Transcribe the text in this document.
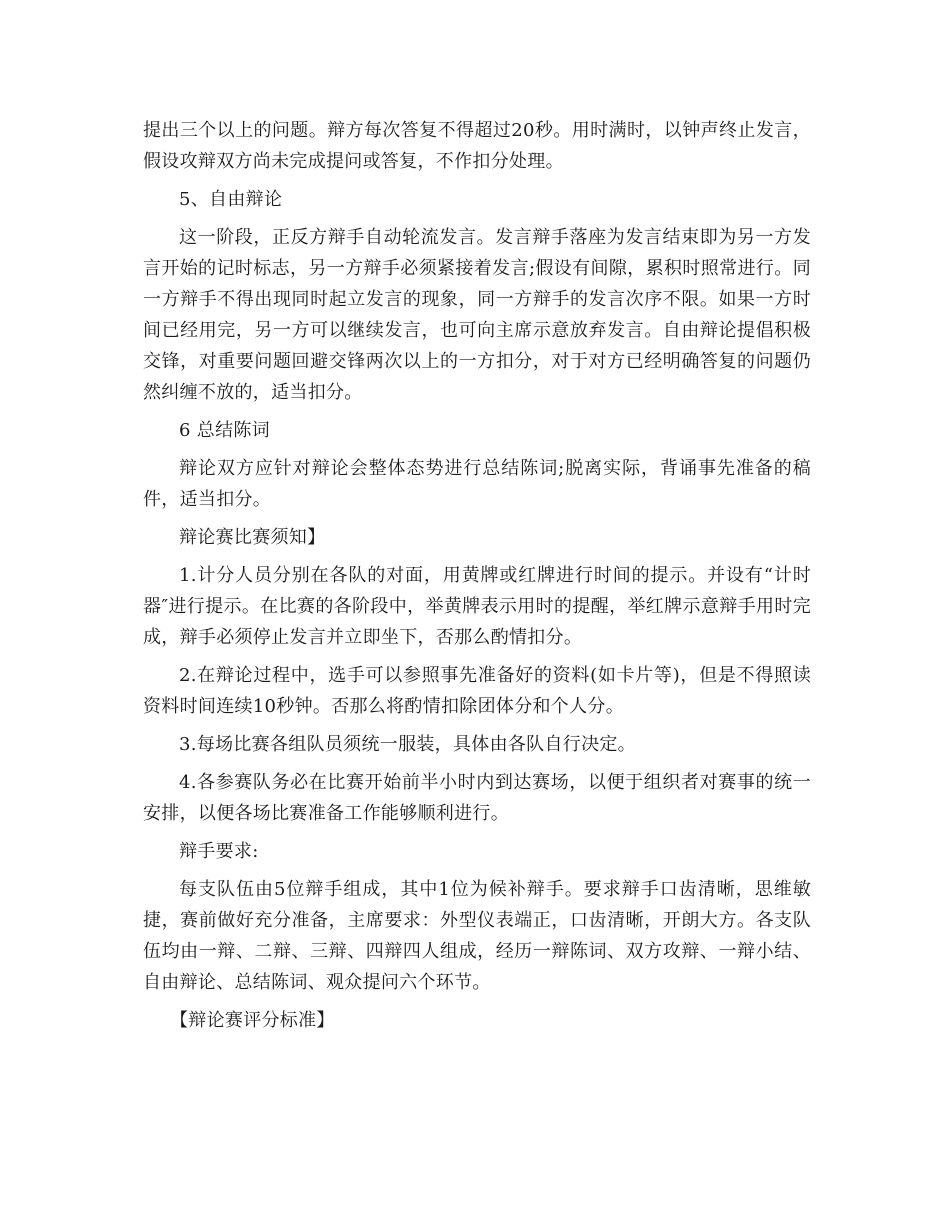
提出三个以上的问题。辩方每次答复不得超过20秒。用时满时，以钟声终止发言，假设攻辩双方尚未完成提问或答复，不作扣分处理。

5、自由辩论

这一阶段，正反方辩手自动轮流发言。发言辩手落座为发言结束即为另一方发言开始的记时标志，另一方辩手必须紧接着发言;假设有间隙，累积时照常进行。同一方辩手不得出现同时起立发言的现象，同一方辩手的发言次序不限。如果一方时间已经用完，另一方可以继续发言，也可向主席示意放弃发言。自由辩论提倡积极交锋，对重要问题回避交锋两次以上的一方扣分，对于对方已经明确答复的问题仍然纠缠不放的，适当扣分。

6 总结陈词

辩论双方应针对辩论会整体态势进行总结陈词;脱离实际，背诵事先准备的稿件，适当扣分。

辩论赛比赛须知】

1.计分人员分别在各队的对面，用黄牌或红牌进行时间的提示。并设有“计时器″进行提示。在比赛的各阶段中，举黄牌表示用时的提醒，举红牌示意辩手用时完成，辩手必须停止发言并立即坐下，否那么酌情扣分。

2.在辩论过程中，选手可以参照事先准备好的资料(如卡片等)，但是不得照读资料时间连续10秒钟。否那么将酌情扣除团体分和个人分。

3.每场比赛各组队员须统一服装，具体由各队自行决定。

4.各参赛队务必在比赛开始前半小时内到达赛场，以便于组织者对赛事的统一安排，以便各场比赛准备工作能够顺利进行。

辩手要求:

每支队伍由5位辩手组成，其中1位为候补辩手。要求辩手口齿清晰，思维敏捷，赛前做好充分准备，主席要求：外型仪表端正，口齿清晰，开朗大方。各支队伍均由一辩、二辩、三辩、四辩四人组成，经历一辩陈词、双方攻辩、一辩小结、自由辩论、总结陈词、观众提问六个环节。

【辩论赛评分标准】
